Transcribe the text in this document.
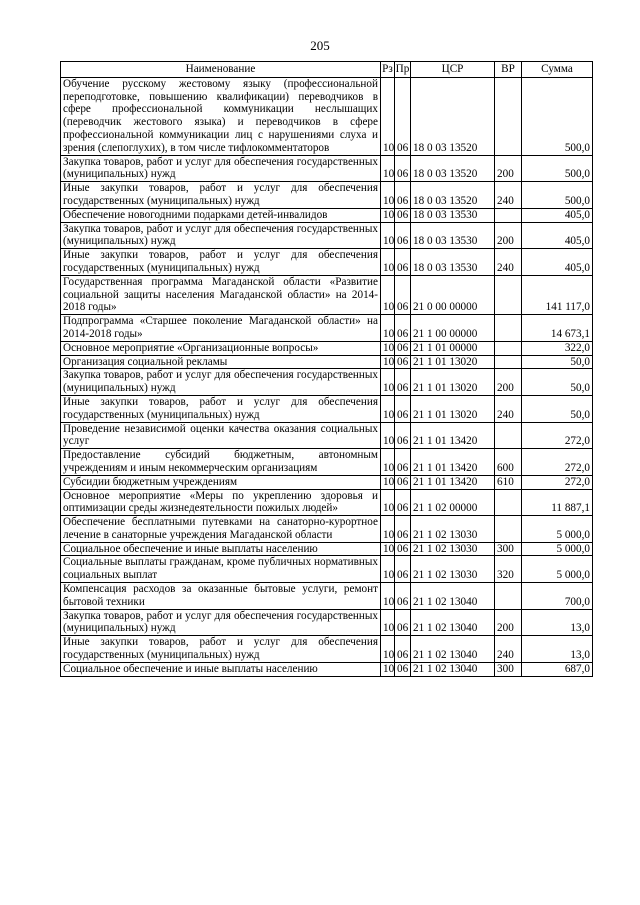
205
Наименование	Рз	Пр	ЦСР	ВР	Сумма
Обучение русскому жестовому языку (профессиональной переподготовке, повышению квалификации) переводчиков в сфере профессиональной коммуникации неслышащих (переводчик жестового языка) и переводчиков в сфере профессиональной коммуникации лиц с нарушениями слуха и зрения (слепоглухих), в том числе тифлокомментаторов	10	06	18 0 03 13520		500,0
Закупка товаров, работ и услуг для обеспечения государственных (муниципальных) нужд	10	06	18 0 03 13520	200	500,0
Иные закупки товаров, работ и услуг для обеспечения государственных (муниципальных) нужд	10	06	18 0 03 13520	240	500,0
Обеспечение новогодними подарками детей-инвалидов	10	06	18 0 03 13530		405,0
Закупка товаров, работ и услуг для обеспечения государственных (муниципальных) нужд	10	06	18 0 03 13530	200	405,0
Иные закупки товаров, работ и услуг для обеспечения государственных (муниципальных) нужд	10	06	18 0 03 13530	240	405,0
Государственная программа Магаданской области «Развитие социальной защиты населения Магаданской области» на 2014-2018 годы»	10	06	21 0 00 00000		141 117,0
Подпрограмма «Старшее поколение Магаданской области» на 2014-2018 годы»	10	06	21 1 00 00000		14 673,1
Основное мероприятие «Организационные вопросы»	10	06	21 1 01 00000		322,0
Организация социальной рекламы	10	06	21 1 01 13020		50,0
Закупка товаров, работ и услуг для обеспечения государственных (муниципальных) нужд	10	06	21 1 01 13020	200	50,0
Иные закупки товаров, работ и услуг для обеспечения государственных (муниципальных) нужд	10	06	21 1 01 13020	240	50,0
Проведение независимой оценки качества оказания социальных услуг	10	06	21 1 01 13420		272,0
Предоставление субсидий бюджетным, автономным учреждениям и иным некоммерческим организациям	10	06	21 1 01 13420	600	272,0
Субсидии бюджетным учреждениям	10	06	21 1 01 13420	610	272,0
Основное мероприятие «Меры по укреплению здоровья и оптимизации среды жизнедеятельности пожилых людей»	10	06	21 1 02 00000		11 887,1
Обеспечение бесплатными путевками на санаторно-курортное лечение в санаторные учреждения Магаданской области	10	06	21 1 02 13030		5 000,0
Социальное обеспечение и иные выплаты населению	10	06	21 1 02 13030	300	5 000,0
Социальные выплаты гражданам, кроме публичных нормативных социальных выплат	10	06	21 1 02 13030	320	5 000,0
Компенсация расходов за оказанные бытовые услуги, ремонт бытовой техники	10	06	21 1 02 13040		700,0
Закупка товаров, работ и услуг для обеспечения государственных (муниципальных) нужд	10	06	21 1 02 13040	200	13,0
Иные закупки товаров, работ и услуг для обеспечения государственных (муниципальных) нужд	10	06	21 1 02 13040	240	13,0
Социальное обеспечение и иные выплаты населению	10	06	21 1 02 13040	300	687,0
